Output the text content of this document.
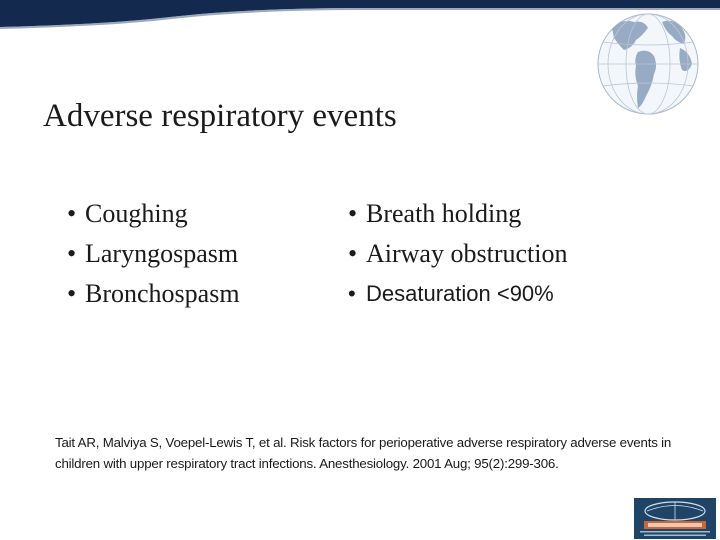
Adverse respiratory events
• Coughing
• Laryngospasm
• Bronchospasm
• Breath holding
• Airway obstruction
• Desaturation <90%

Tait AR, Malviya S, Voepel-Lewis T, et al. Risk factors for perioperative adverse respiratory adverse events in children with upper respiratory tract infections. Anesthesiology. 2001 Aug; 95(2):299-306.
